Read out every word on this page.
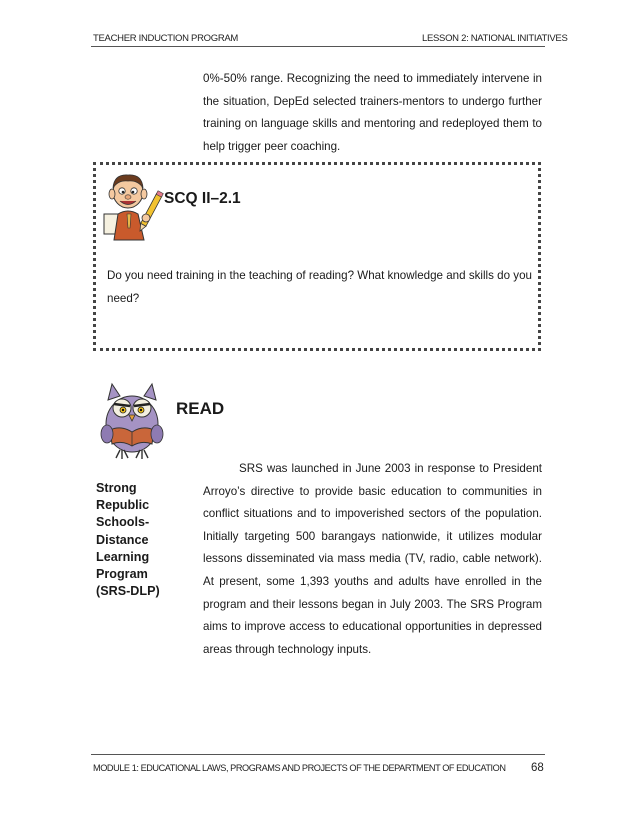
TEACHER INDUCTION PROGRAM	LESSON 2: NATIONAL INITIATIVES
0%-50% range. Recognizing the need to immediately intervene in the situation, DepEd selected trainers-mentors to undergo further training on language skills and mentoring and redeployed them to help trigger peer coaching.
SCQ II–2.1
Do you need training in the teaching of reading? What knowledge and skills do you need?
READ
Strong Republic Schools-Distance Learning Program (SRS-DLP)

SRS was launched in June 2003 in response to President Arroyo’s directive to provide basic education to communities in conflict situations and to impoverished sectors of the population. Initially targeting 500 barangays nationwide, it utilizes modular lessons disseminated via mass media (TV, radio, cable network). At present, some 1,393 youths and adults have enrolled in the program and their lessons began in July 2003. The SRS Program aims to improve access to educational opportunities in depressed areas through technology inputs.

MODULE 1: EDUCATIONAL LAWS, PROGRAMS AND PROJECTS OF THE DEPARTMENT OF EDUCATION 68
